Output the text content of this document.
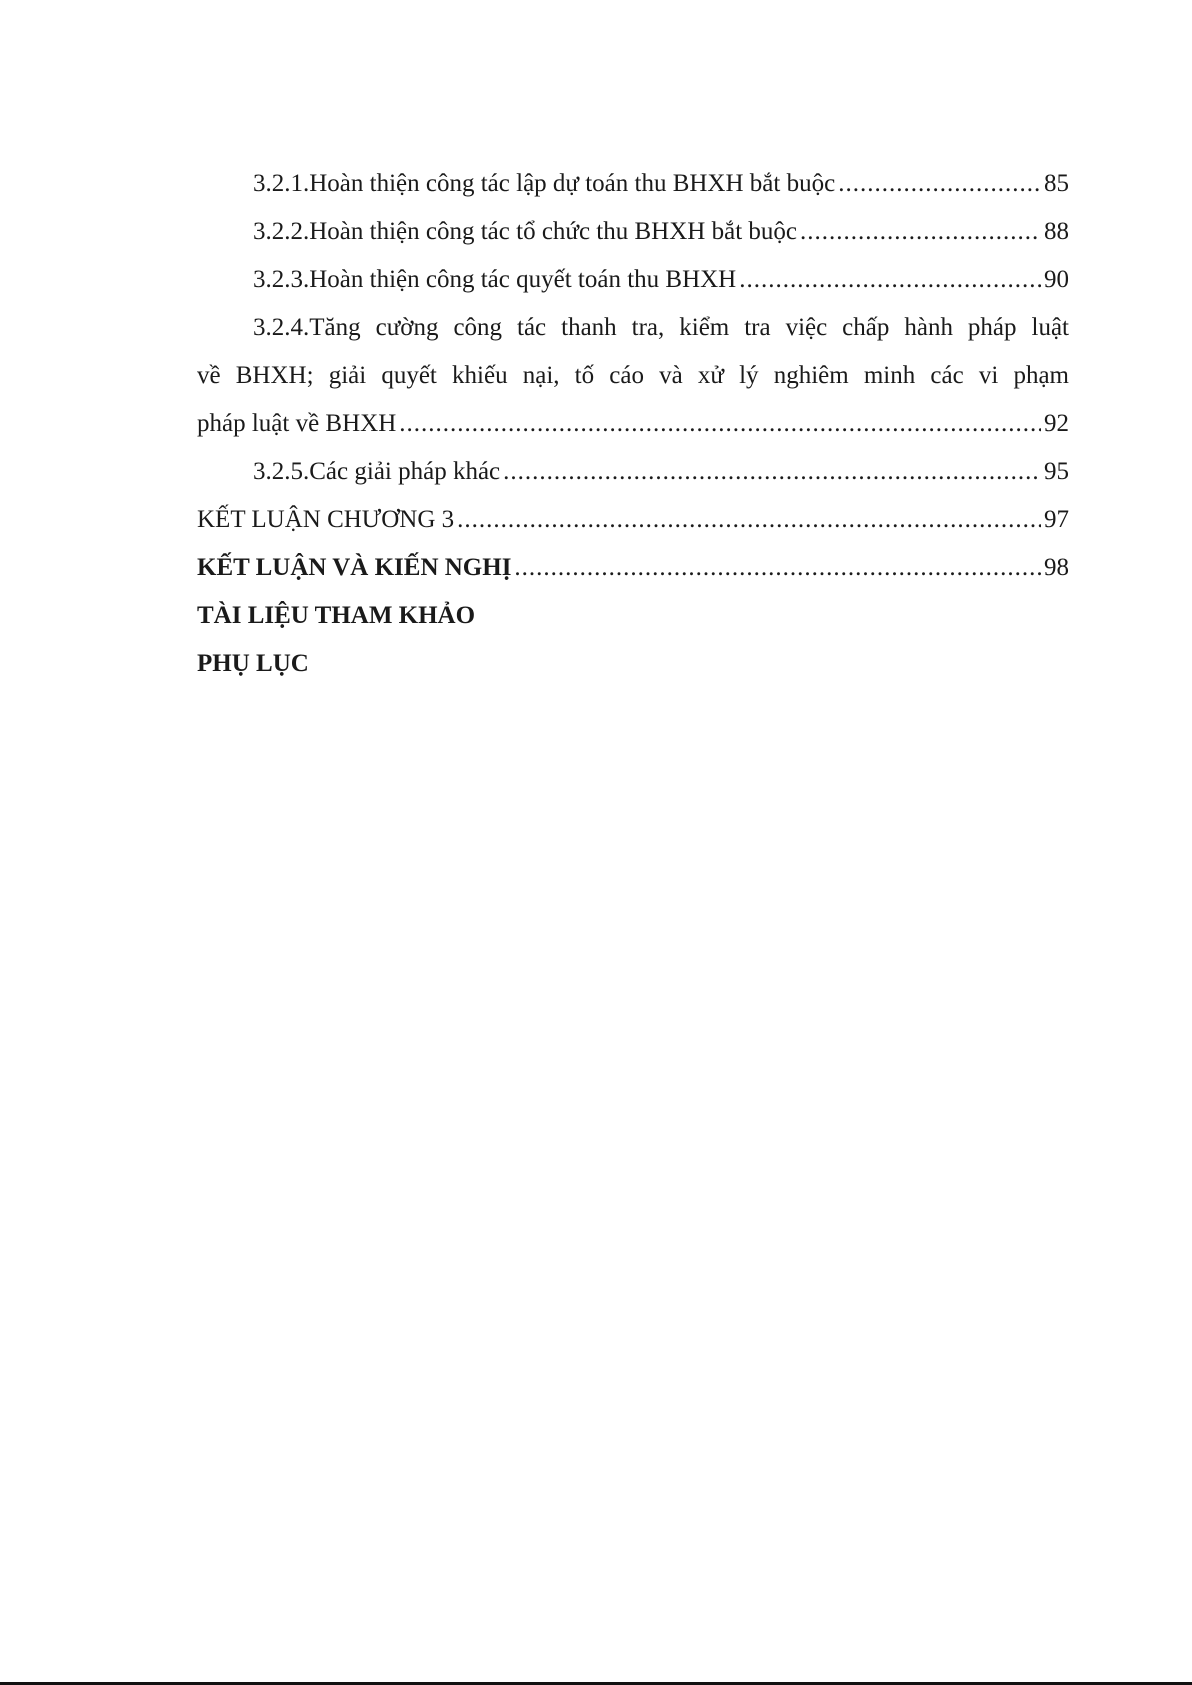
3.2.1.Hoàn thiện công tác lập dự toán thu BHXH bắt buộc .....	85
3.2.2.Hoàn thiện công tác tổ chức thu BHXH bắt buộc .....	88
3.2.3.Hoàn thiện công tác quyết toán thu BHXH .....	90
3.2.4.Tăng cường công tác thanh tra, kiểm tra việc chấp hành pháp luật
về BHXH; giải quyết khiếu nại, tố cáo và xử lý nghiêm minh các vi phạm
pháp luật về BHXH .....	92
3.2.5.Các giải pháp khác .....	95
KẾT LUẬN CHƯƠNG 3 .....	97
KẾT LUẬN VÀ KIẾN NGHỊ .....	98
TÀI LIỆU THAM KHẢO
PHỤ LỤC
